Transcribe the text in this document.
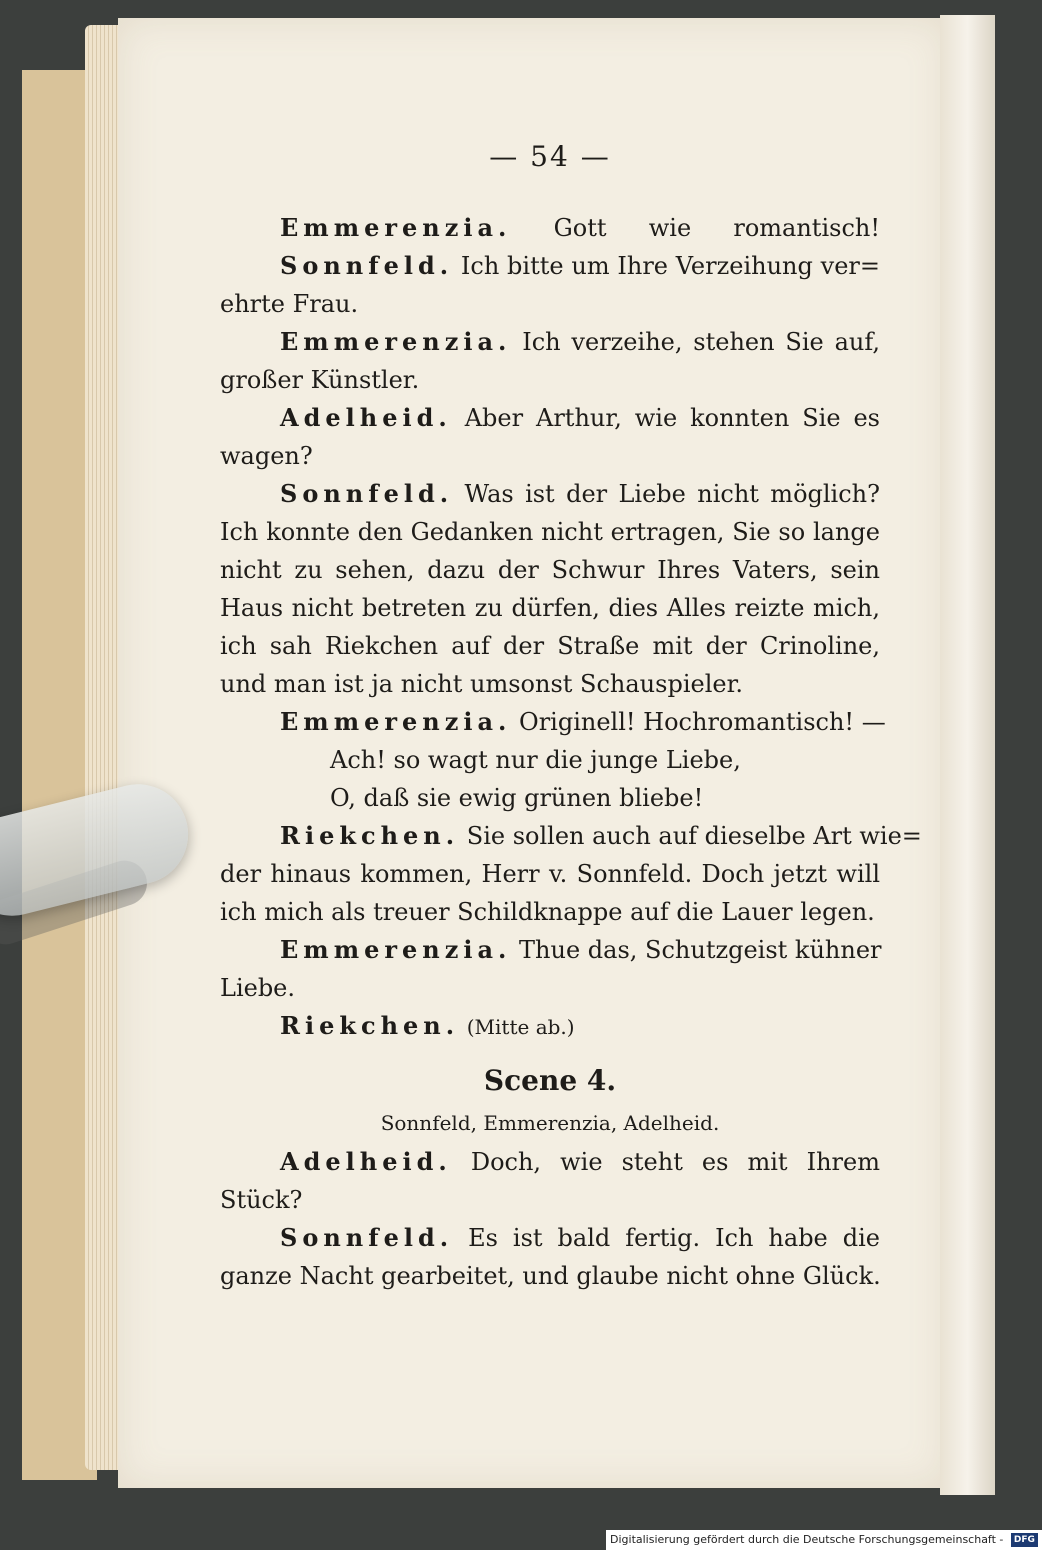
— 54 —
Emmerenzia. Gott wie romantisch!
Sonnfeld. Ich bitte um Ihre Verzeihung ver=
ehrte Frau.
Emmerenzia. Ich verzeihe, stehen Sie auf,
großer Künstler.
Adelheid. Aber Arthur, wie konnten Sie es
wagen?
Sonnfeld. Was ist der Liebe nicht möglich?
Ich konnte den Gedanken nicht ertragen, Sie so lange
nicht zu sehen, dazu der Schwur Ihres Vaters, sein
Haus nicht betreten zu dürfen, dies Alles reizte mich,
ich sah Riekchen auf der Straße mit der Crinoline,
und man ist ja nicht umsonst Schauspieler.
Emmerenzia. Originell! Hochromantisch! —
Ach! so wagt nur die junge Liebe,
O, daß sie ewig grünen bliebe!
Riekchen. Sie sollen auch auf dieselbe Art wie=
der hinaus kommen, Herr v. Sonnfeld. Doch jetzt will
ich mich als treuer Schildknappe auf die Lauer legen.
Emmerenzia. Thue das, Schutzgeist kühner
Liebe.
Riekchen. (Mitte ab.)
Scene 4.
Sonnfeld, Emmerenzia, Adelheid.
Adelheid. Doch, wie steht es mit Ihrem
Stück?
Sonnfeld. Es ist bald fertig. Ich habe die
ganze Nacht gearbeitet, und glaube nicht ohne Glück.
Digitalisierung gefördert durch die Deutsche Forschungsgemeinschaft - DFG
